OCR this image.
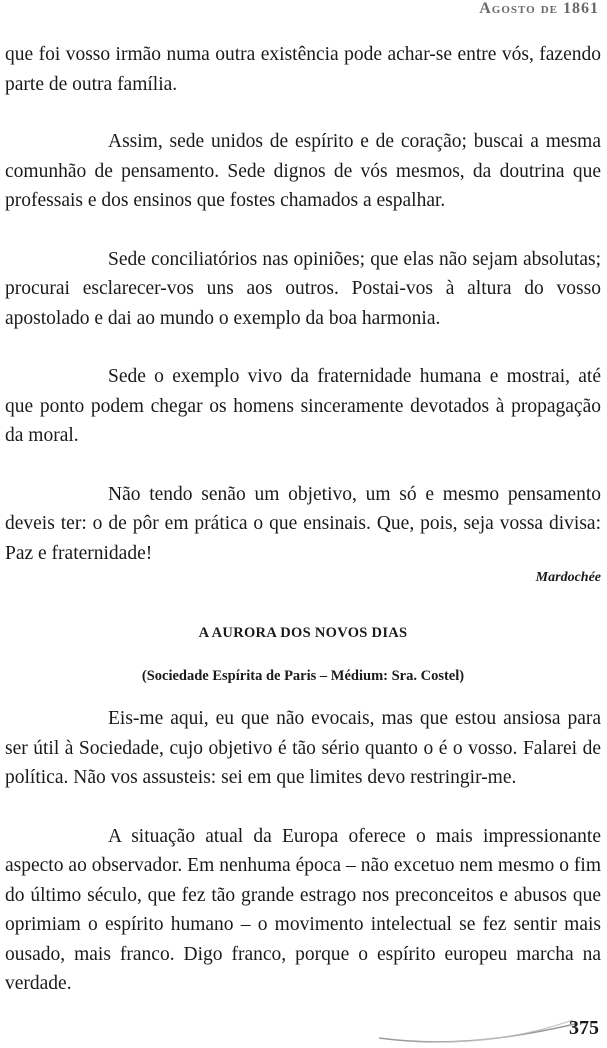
Agosto de 1861

que foi vosso irmão numa outra existência pode achar-se entre vós, fazendo parte de outra família.

Assim, sede unidos de espírito e de coração; buscai a mesma comunhão de pensamento. Sede dignos de vós mesmos, da doutrina que professais e dos ensinos que fostes chamados a espalhar.

Sede conciliatórios nas opiniões; que elas não sejam absolutas; procurai esclarecer-vos uns aos outros. Postai-vos à altura do vosso apostolado e dai ao mundo o exemplo da boa harmonia.

Sede o exemplo vivo da fraternidade humana e mostrai, até que ponto podem chegar os homens sinceramente devotados à propagação da moral.

Não tendo senão um objetivo, um só e mesmo pensamento deveis ter: o de pôr em prática o que ensinais. Que, pois, seja vossa divisa: Paz e fraternidade!

Mardochée

A AURORA DOS NOVOS DIAS

(Sociedade Espírita de Paris – Médium: Sra. Costel)

Eis-me aqui, eu que não evocais, mas que estou ansiosa para ser útil à Sociedade, cujo objetivo é tão sério quanto o é o vosso. Falarei de política. Não vos assusteis: sei em que limites devo restringir-me.

A situação atual da Europa oferece o mais impressionante aspecto ao observador. Em nenhuma época – não excetuo nem mesmo o fim do último século, que fez tão grande estrago nos preconceitos e abusos que oprimiam o espírito humano – o movimento intelectual se fez sentir mais ousado, mais franco. Digo franco, porque o espírito europeu marcha na verdade.

375
